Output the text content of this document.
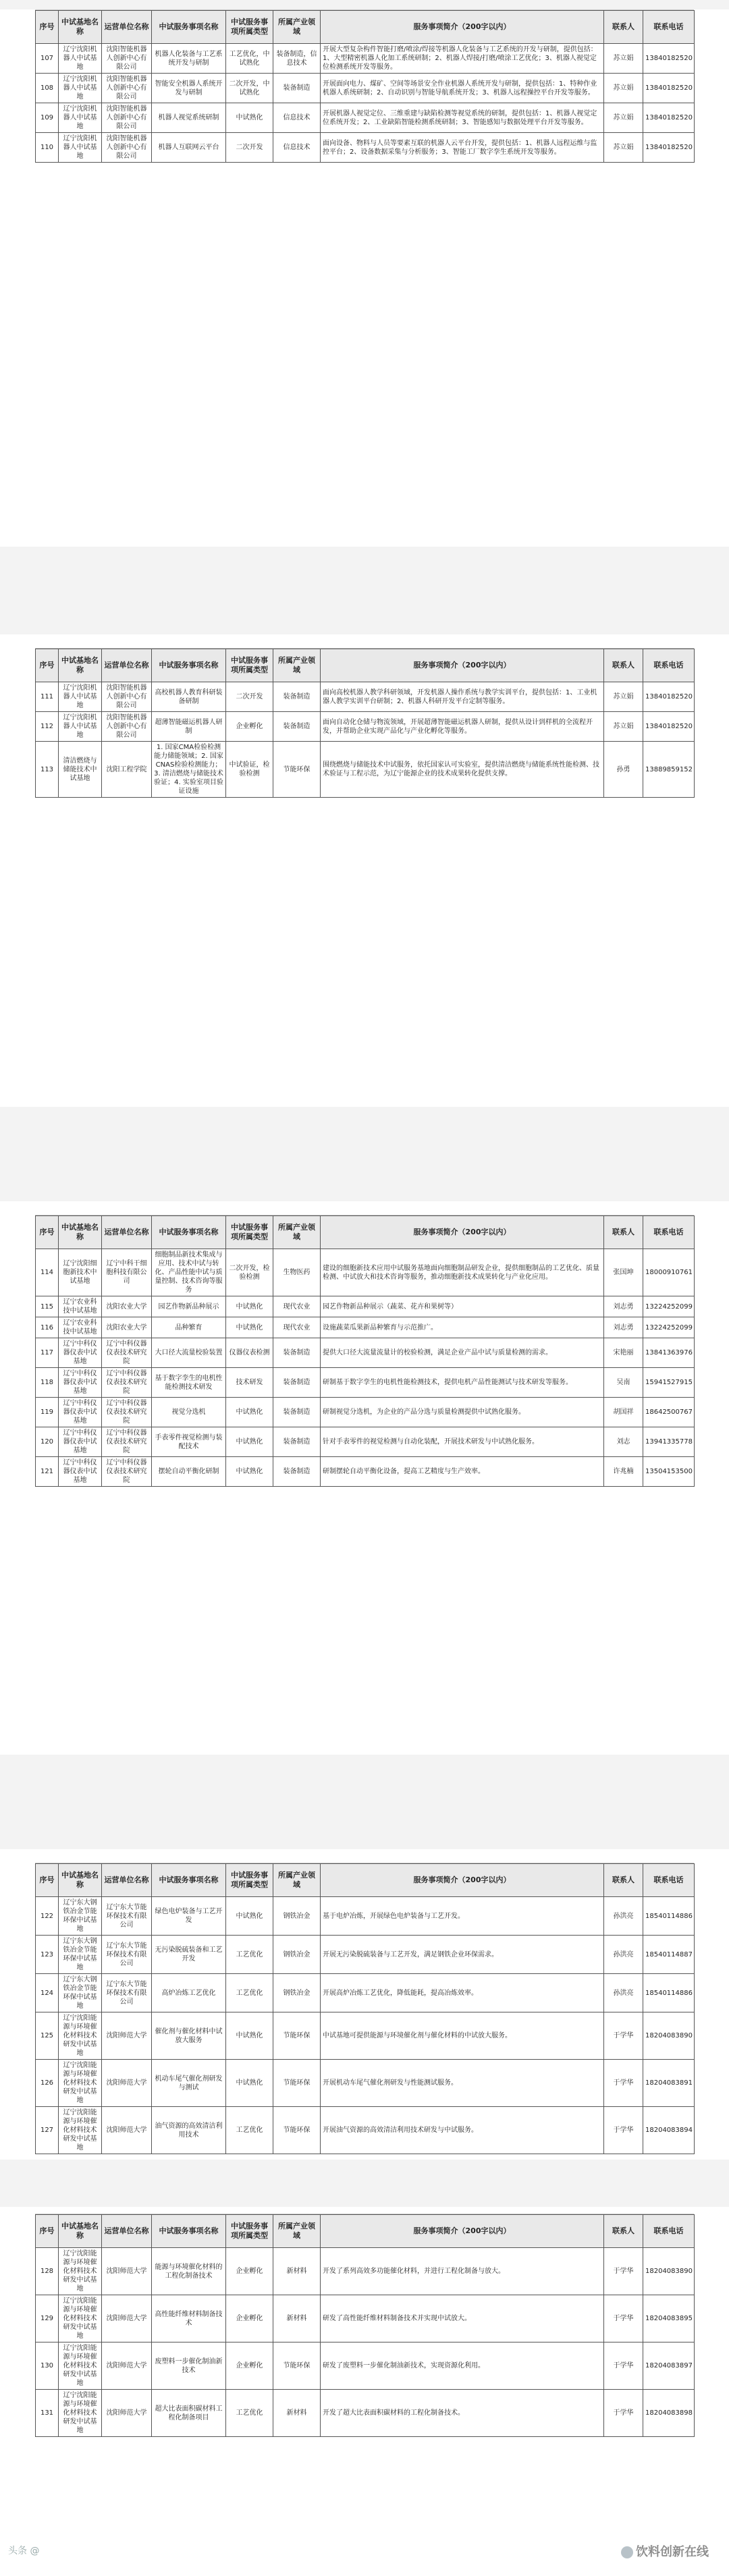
序号	中试基地名称	运营单位名称	中试服务事项名称	中试服务事项所属类型	所属产业领域	服务事项简介（200字以内）	联系人	联系电话
107	辽宁沈阳机器人中试基地	沈阳智能机器人创新中心有限公司	机器人化装备与工艺系统开发与研制	工艺优化，中试熟化	装备制造，信息技术	开展大型复杂构件智能打磨/喷涂/焊接等机器人化装备与工艺系统的开发与研制，提供包括：1、大型精密机器人化加工系统研制；2、机器人焊接/打磨/喷涂工艺优化；3、机器人视觉定位检测系统开发等服务。	苏立娟	13840182520
108	辽宁沈阳机器人中试基地	沈阳智能机器人创新中心有限公司	智能安全机器人系统开发与研制	二次开发，中试熟化	装备制造	开展面向电力、煤矿、空间等场景安全作业机器人系统开发与研制，提供包括：1、特种作业机器人系统研制；2、自动识别与智能导航系统开发；3、机器人远程操控平台开发等服务。	苏立娟	13840182520
109	辽宁沈阳机器人中试基地	沈阳智能机器人创新中心有限公司	机器人视觉系统研制	中试熟化	信息技术	开展机器人视觉定位、三维重建与缺陷检测等视觉系统的研制，提供包括：1、机器人视觉定位系统开发；2、工业缺陷智能检测系统研制；3、智能感知与数据处理平台开发等服务。	苏立娟	13840182520
110	辽宁沈阳机器人中试基地	沈阳智能机器人创新中心有限公司	机器人互联网云平台	二次开发	信息技术	面向设备、物料与人员等要素互联的机器人云平台开发，提供包括：1、机器人远程运维与监控平台；2、设备数据采集与分析服务；3、智能工厂数字孪生系统开发等服务。	苏立娟	13840182520
序号	中试基地名称	运营单位名称	中试服务事项名称	中试服务事项所属类型	所属产业领域	服务事项简介（200字以内）	联系人	联系电话
111	辽宁沈阳机器人中试基地	沈阳智能机器人创新中心有限公司	高校机器人教育科研装备研制	二次开发	装备制造	面向高校机器人教学科研领域，开发机器人操作系统与教学实训平台，提供包括：1、工业机器人教学实训平台研制；2、机器人科研开发平台定制等服务。	苏立娟	13840182520
112	辽宁沈阳机器人中试基地	沈阳智能机器人创新中心有限公司	超薄智能磁运机器人研制	企业孵化	装备制造	面向自动化仓储与物流领域，开展超薄智能磁运机器人研制，提供从设计到样机的全流程开发，并帮助企业实现产品化与产业化孵化等服务。	苏立娟	13840182520
113	清洁燃烧与储能技术中试基地	沈阳工程学院	1. 国家CMA检验检测能力储能领域；2. 国家CNAS检验检测能力；3. 清洁燃烧与储能技术验证；4. 实验室项目验证设施	中试验证，检验检测	节能环保	围绕燃烧与储能技术中试服务，依托国家认可实验室，提供清洁燃烧与储能系统性能检测、技术验证与工程示范，为辽宁能源企业的技术成果转化提供支撑。	孙勇	13889859152
序号	中试基地名称	运营单位名称	中试服务事项名称	中试服务事项所属类型	所属产业领域	服务事项简介（200字以内）	联系人	联系电话
114	辽宁沈阳细胞新技术中试基地	辽宁中科干细胞科技有限公司	细胞制品新技术集成与应用、技术中试与转化、产品性能中试与质量控制、技术咨询等服务	二次开发，检验检测	生物医药	建设的细胞新技术应用中试服务基地面向细胞制品研发企业，提供细胞制品的工艺优化、质量检测、中试放大和技术咨询等服务，推动细胞新技术成果转化与产业化应用。	张国坤	18000910761
115	辽宁农业科技中试基地	沈阳农业大学	园艺作物新品种展示	中试熟化	现代农业	园艺作物新品种展示（蔬菜、花卉和果树等）	刘志勇	13224252099
116	辽宁农业科技中试基地	沈阳农业大学	品种繁育	中试熟化	现代农业	设施蔬菜瓜果新品种繁育与示范推广。	刘志勇	13224252099
117	辽宁中科仪器仪表中试基地	辽宁中科仪器仪表技术研究院	大口径大流量校验装置	仪器仪表检测	装备制造	提供大口径大流量流量计的校验检测，满足企业产品中试与质量检测的需求。	宋艳丽	13841363976
118	辽宁中科仪器仪表中试基地	辽宁中科仪器仪表技术研究院	基于数字孪生的电机性能检测技术研发	技术研发	装备制造	研制基于数字孪生的电机性能检测技术，提供电机产品性能测试与技术研发等服务。	吴南	15941527915
119	辽宁中科仪器仪表中试基地	辽宁中科仪器仪表技术研究院	视觉分选机	中试熟化	装备制造	研制视觉分选机，为企业的产品分选与质量检测提供中试熟化服务。	胡国祥	18642500767
120	辽宁中科仪器仪表中试基地	辽宁中科仪器仪表技术研究院	手表零件视觉检测与装配技术	中试熟化	装备制造	针对手表零件的视觉检测与自动化装配，开展技术研发与中试熟化服务。	刘志	13941335778
121	辽宁中科仪器仪表中试基地	辽宁中科仪器仪表技术研究院	摆轮自动平衡化研制	中试熟化	装备制造	研制摆轮自动平衡化设备，提高工艺精度与生产效率。	许兆楠	13504153500
序号	中试基地名称	运营单位名称	中试服务事项名称	中试服务事项所属类型	所属产业领域	服务事项简介（200字以内）	联系人	联系电话
122	辽宁东大钢铁冶金节能环保中试基地	辽宁东大节能环保技术有限公司	绿色电炉装备与工艺开发	中试熟化	钢铁冶金	基于电炉冶炼，开展绿色电炉装备与工艺开发。	孙洪亮	18540114886
123	辽宁东大钢铁冶金节能环保中试基地	辽宁东大节能环保技术有限公司	无污染脱硫装备和工艺开发	工艺优化	钢铁冶金	开展无污染脱硫装备与工艺开发，满足钢铁企业环保需求。	孙洪亮	18540114887
124	辽宁东大钢铁冶金节能环保中试基地	辽宁东大节能环保技术有限公司	高炉冶炼工艺优化	工艺优化	钢铁冶金	开展高炉冶炼工艺优化，降低能耗，提高冶炼效率。	孙洪亮	18540114886
125	辽宁沈阳能源与环境催化材料技术研发中试基地	沈阳师范大学	催化剂与催化材料中试放大服务	中试熟化	节能环保	中试基地可提供能源与环境催化剂与催化材料的中试放大服务。	于学华	18204083890
126	辽宁沈阳能源与环境催化材料技术研发中试基地	沈阳师范大学	机动车尾气催化剂研发与测试	中试熟化	节能环保	开展机动车尾气催化剂研发与性能测试服务。	于学华	18204083891
127	辽宁沈阳能源与环境催化材料技术研发中试基地	沈阳师范大学	油气资源的高效清洁利用技术	工艺优化	节能环保	开展油气资源的高效清洁利用技术研发与中试服务。	于学华	18204083894
序号	中试基地名称	运营单位名称	中试服务事项名称	中试服务事项所属类型	所属产业领域	服务事项简介（200字以内）	联系人	联系电话
128	辽宁沈阳能源与环境催化材料技术研发中试基地	沈阳师范大学	能源与环境催化材料的工程化制备技术	企业孵化	新材料	开发了系列高效多功能催化材料，并进行工程化制备与放大。	于学华	18204083890
129	辽宁沈阳能源与环境催化材料技术研发中试基地	沈阳师范大学	高性能纤维材料制备技术	企业孵化	新材料	研发了高性能纤维材料制备技术并实现中试放大。	于学华	18204083895
130	辽宁沈阳能源与环境催化材料技术研发中试基地	沈阳师范大学	废塑料一步催化制油新技术	企业孵化	节能环保	研发了废塑料一步催化制油新技术，实现资源化利用。	于学华	18204083897
131	辽宁沈阳能源与环境催化材料技术研发中试基地	沈阳师范大学	超大比表面积碳材料工程化制备项目	工艺优化	新材料	开发了超大比表面积碳材料的工程化制备技术。	于学华	18204083898
头条 @	饮料创新在线
